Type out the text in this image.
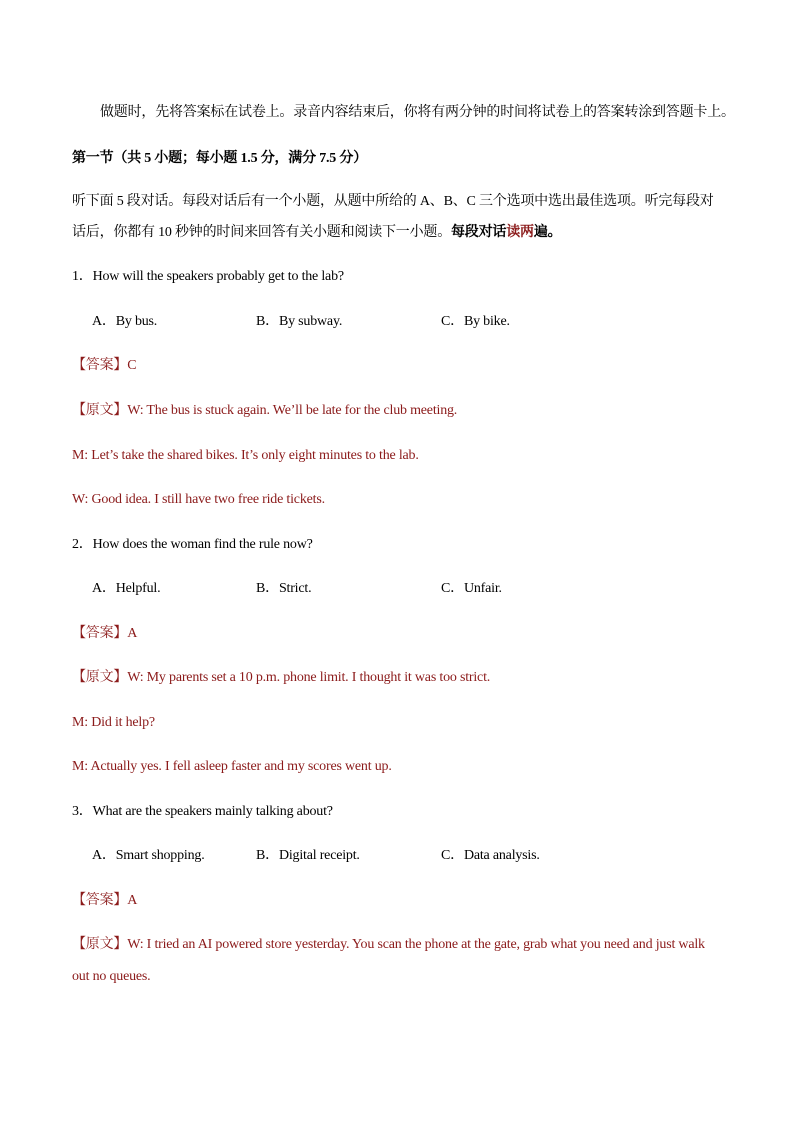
做题时，先将答案标在试卷上。录音内容结束后，你将有两分钟的时间将试卷上的答案转涂到答题卡上。
第一节（共 5 小题；每小题 1.5 分，满分 7.5 分）
听下面 5 段对话。每段对话后有一个小题，从题中所给的 A、B、C 三个选项中选出最佳选项。听完每段对
话后，你都有 10 秒钟的时间来回答有关小题和阅读下一小题。每段对话读两遍。
1．How will the speakers probably get to the lab?
A．By bus.	B．By subway.	C．By bike.
【答案】C
【原文】W: The bus is stuck again. We’ll be late for the club meeting.
M: Let’s take the shared bikes. It’s only eight minutes to the lab.
W: Good idea. I still have two free ride tickets.
2．How does the woman find the rule now?
A．Helpful.	B．Strict.	C．Unfair.
【答案】A
【原文】W: My parents set a 10 p.m. phone limit. I thought it was too strict.
M: Did it help?
M: Actually yes. I fell asleep faster and my scores went up.
3．What are the speakers mainly talking about?
A．Smart shopping.	B．Digital receipt.	C．Data analysis.
【答案】A
【原文】W: I tried an AI powered store yesterday. You scan the phone at the gate, grab what you need and just walk out no queues.
